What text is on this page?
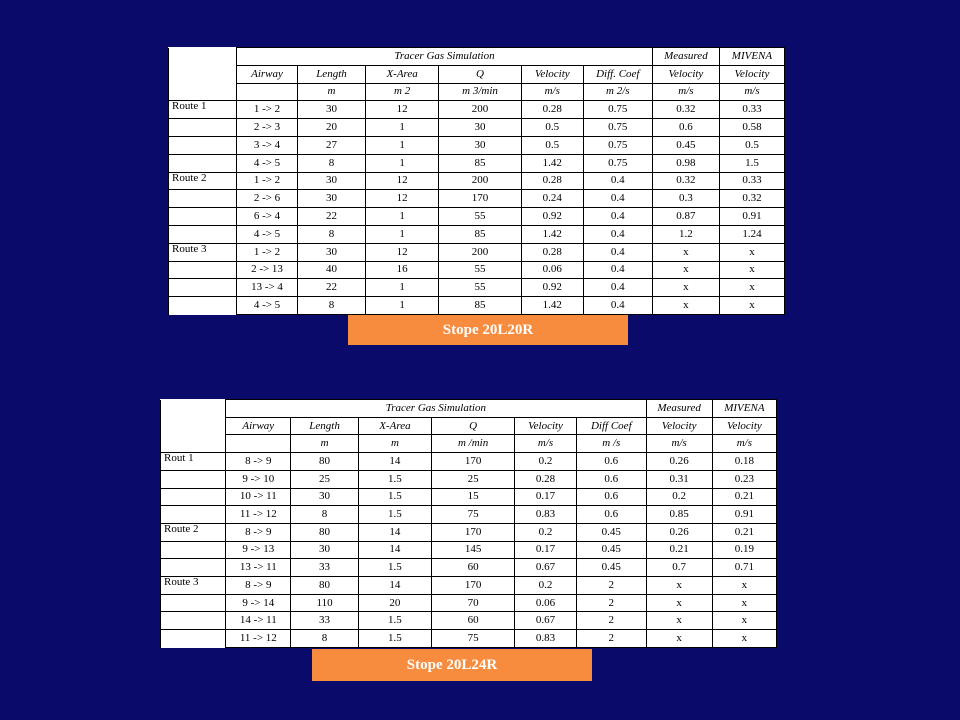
	Tracer Gas Simulation						Measured	MIVENA
	Airway	Length	X-Area	Q	Velocity	Diff. Coef	Velocity	Velocity
		m	m 2	m 3/min	m/s	m 2/s	m/s	m/s
Route 1	1 -> 2	30	12	200	0.28	0.75	0.32	0.33
	2 -> 3	20	1	30	0.5	0.75	0.6	0.58
	3 -> 4	27	1	30	0.5	0.75	0.45	0.5
	4 -> 5	8	1	85	1.42	0.75	0.98	1.5
Route 2	1 -> 2	30	12	200	0.28	0.4	0.32	0.33
	2 -> 6	30	12	170	0.24	0.4	0.3	0.32
	6 -> 4	22	1	55	0.92	0.4	0.87	0.91
	4 -> 5	8	1	85	1.42	0.4	1.2	1.24
Route 3	1 -> 2	30	12	200	0.28	0.4	x	x
	2 -> 13	40	16	55	0.06	0.4	x	x
	13 -> 4	22	1	55	0.92	0.4	x	x
	4 -> 5	8	1	85	1.42	0.4	x	x
Stope 20L20R
	Tracer Gas Simulation						Measured	MIVENA
	Airway	Length	X-Area	Q	Velocity	Diff Coef	Velocity	Velocity
		m	m	m /min	m/s	m /s	m/s	m/s
Rout 1	8 -> 9	80	14	170	0.2	0.6	0.26	0.18
	9 -> 10	25	1.5	25	0.28	0.6	0.31	0.23
	10 -> 11	30	1.5	15	0.17	0.6	0.2	0.21
	11 -> 12	8	1.5	75	0.83	0.6	0.85	0.91
Route 2	8 -> 9	80	14	170	0.2	0.45	0.26	0.21
	9 -> 13	30	14	145	0.17	0.45	0.21	0.19
	13 -> 11	33	1.5	60	0.67	0.45	0.7	0.71
Route 3	8 -> 9	80	14	170	0.2	2	x	x
	9 -> 14	110	20	70	0.06	2	x	x
	14 -> 11	33	1.5	60	0.67	2	x	x
	11 -> 12	8	1.5	75	0.83	2	x	x
Stope 20L24R
